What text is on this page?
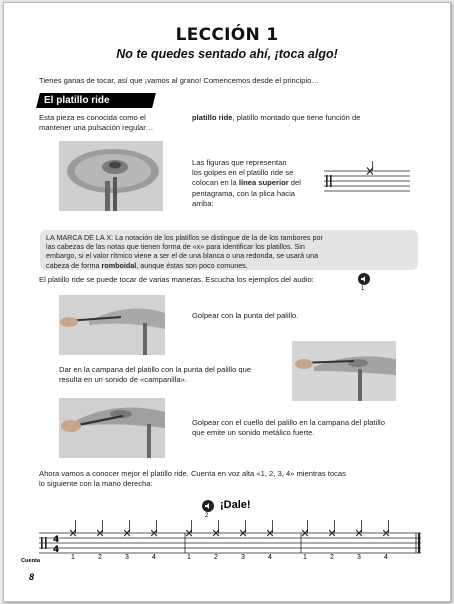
LECCIÓN 1
No te quedes sentado ahí, ¡toca algo!
Tienes ganas de tocar, así que ¡vamos al grano! Comencemos desde el principio…
El platillo ride
Esta pieza es conocida como el	platillo ride, platillo montado que tiene función de
mantener una pulsación regular…
Las figuras que representan
los golpes en el platillo ride se
colocan en la línea superior del
pentagrama, con la plica hacia
arriba:
LA MARCA DE LA X: La notación de los platillos se distingue de la de los tambores por
las cabezas de las notas que tienen forma de «x» para identificar los platillos. Sin
embargo, si el valor rítmico viene a ser el de una blanca o una redonda, se usará una
cabeza de forma romboidal, aunque éstas son poco comunes.
El platillo ride se puede tocar de varias maneras. Escucha los ejemplos del audio:
1
Golpear con la punta del palillo.
Dar en la campana del platillo con la punta del palillo que
resulta en un sonido de «campanilla».
Golpear con el cuello del palillo en la campana del platillo
que emite un sonido metálico fuerte.
Ahora vamos a conocer mejor el platillo ride. Cuenta en voz alta «1, 2, 3, 4» mientras tocas
lo siguiente con la mano derecha:
2
¡Dale!
4
4
Cuenta	1	2	3	4	1	2	3	4	1	2	3	4
8
